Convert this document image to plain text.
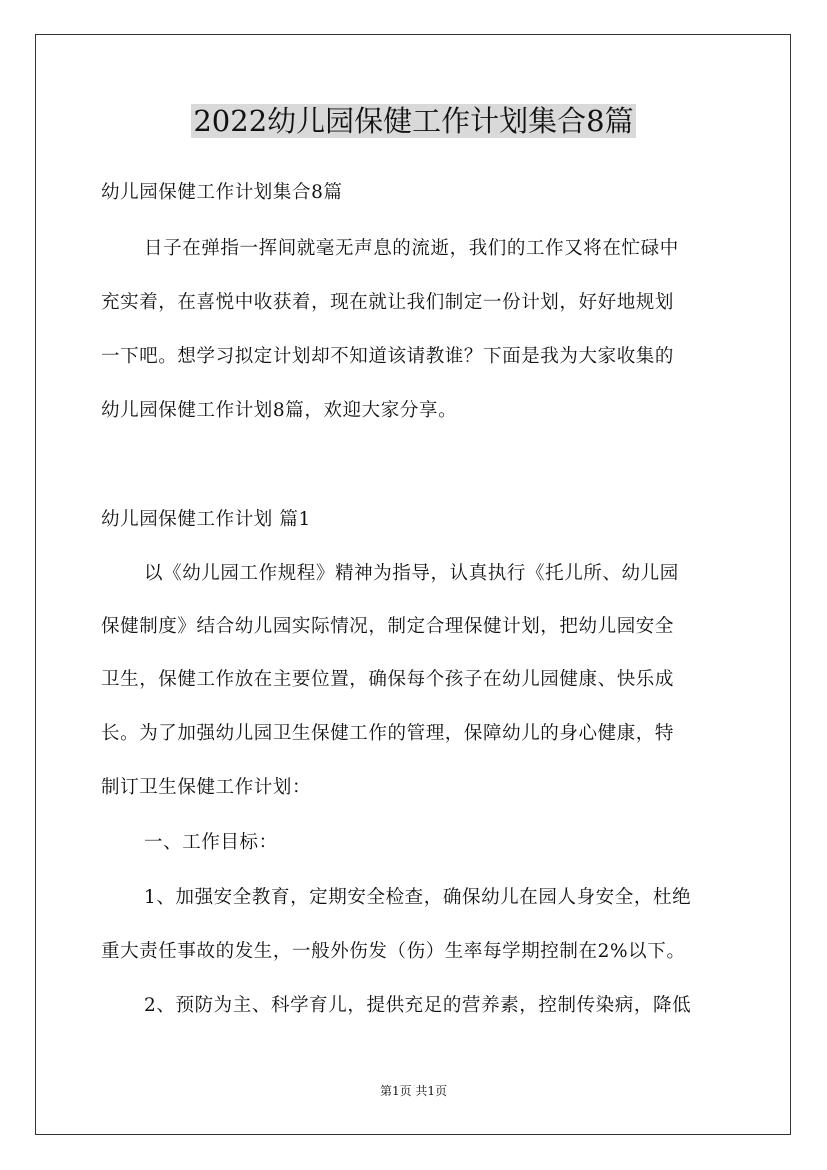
2022幼儿园保健工作计划集合8篇

幼儿园保健工作计划集合8篇

日子在弹指一挥间就毫无声息的流逝，我们的工作又将在忙碌中

充实着，在喜悦中收获着，现在就让我们制定一份计划，好好地规划

一下吧。想学习拟定计划却不知道该请教谁？下面是我为大家收集的

幼儿园保健工作计划8篇，欢迎大家分享。

幼儿园保健工作计划 篇1

以《幼儿园工作规程》精神为指导，认真执行《托儿所、幼儿园

保健制度》结合幼儿园实际情况，制定合理保健计划，把幼儿园安全

卫生，保健工作放在主要位置，确保每个孩子在幼儿园健康、快乐成

长。为了加强幼儿园卫生保健工作的管理，保障幼儿的身心健康，特

制订卫生保健工作计划：

一、工作目标：

1、加强安全教育，定期安全检查，确保幼儿在园人身安全，杜绝

重大责任事故的发生，一般外伤发（伤）生率每学期控制在2%以下。

2、预防为主、科学育儿，提供充足的营养素，控制传染病，降低

第1页 共1页
